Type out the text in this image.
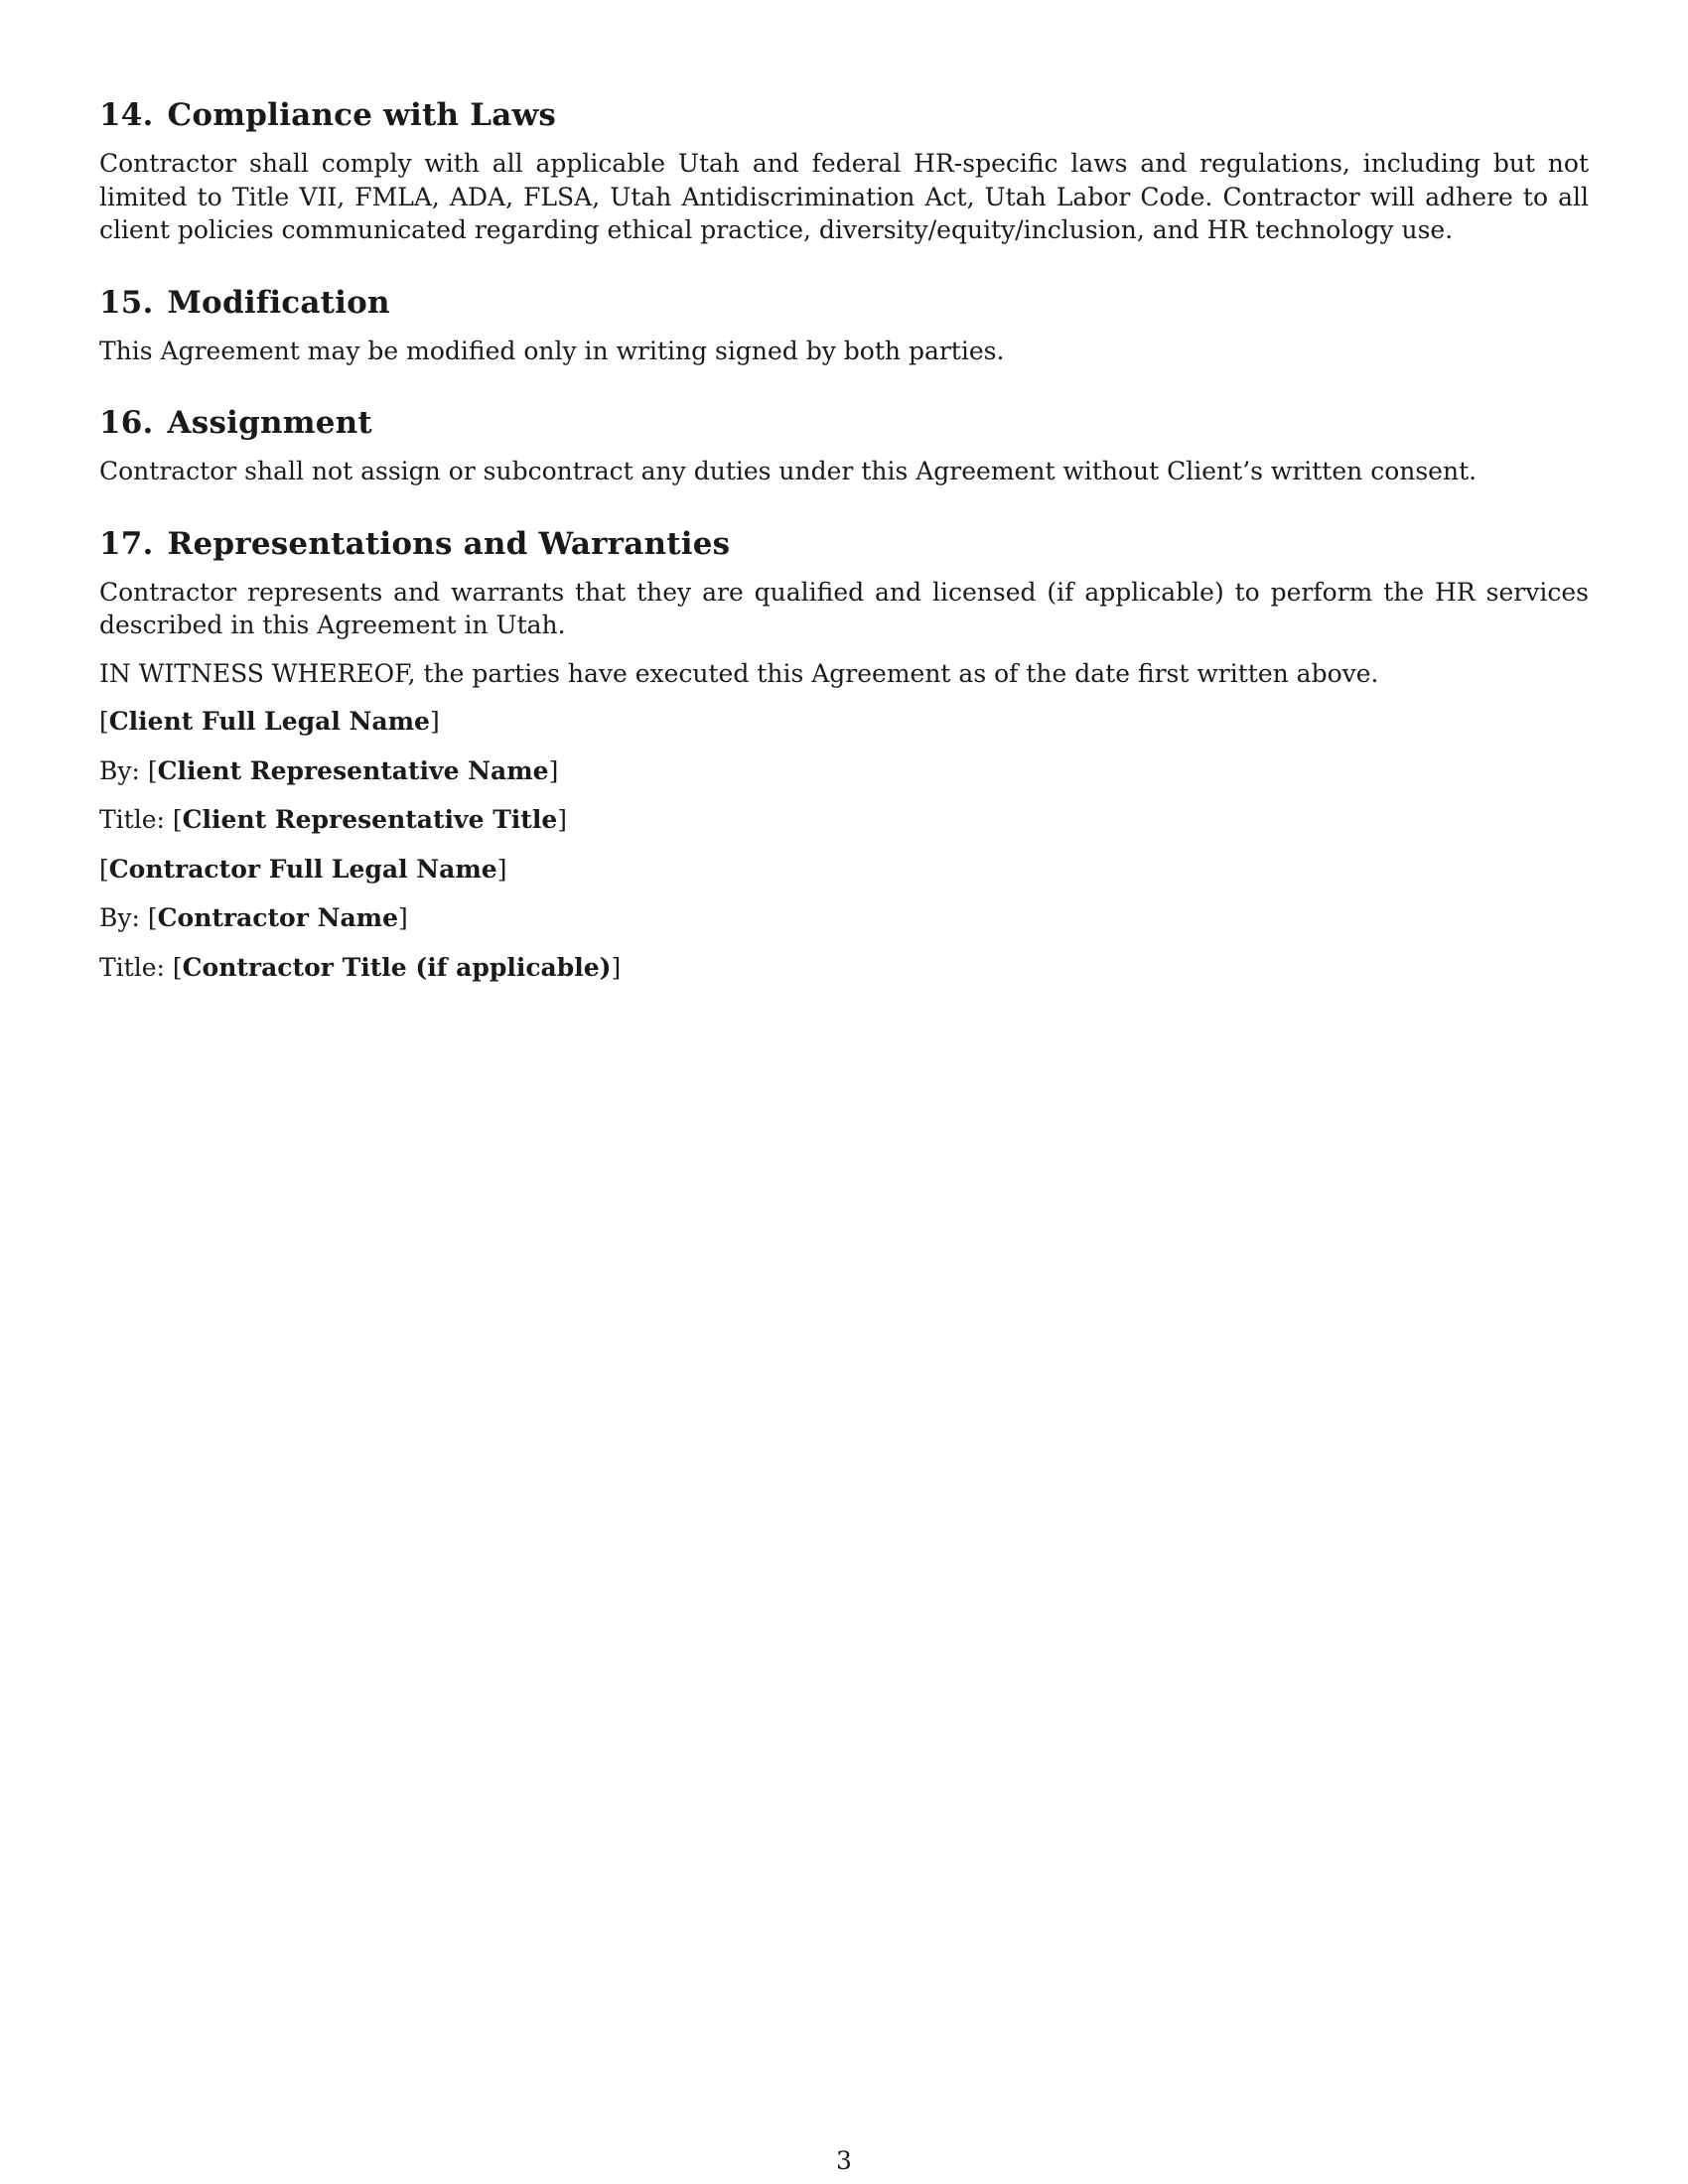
14. Compliance with Laws

Contractor shall comply with all applicable Utah and federal HR-specific laws and regulations, including but not limited to Title VII, FMLA, ADA, FLSA, Utah Antidiscrimination Act, Utah Labor Code. Contractor will adhere to all client policies communicated regarding ethical practice, diversity/equity/inclusion, and HR technology use.

15. Modification

This Agreement may be modified only in writing signed by both parties.

16. Assignment

Contractor shall not assign or subcontract any duties under this Agreement without Client’s written consent.

17. Representations and Warranties

Contractor represents and warrants that they are qualified and licensed (if applicable) to perform the HR services described in this Agreement in Utah.

IN WITNESS WHEREOF, the parties have executed this Agreement as of the date first written above.

[Client Full Legal Name]

By: [Client Representative Name]

Title: [Client Representative Title]

[Contractor Full Legal Name]

By: [Contractor Name]

Title: [Contractor Title (if applicable)]

3
